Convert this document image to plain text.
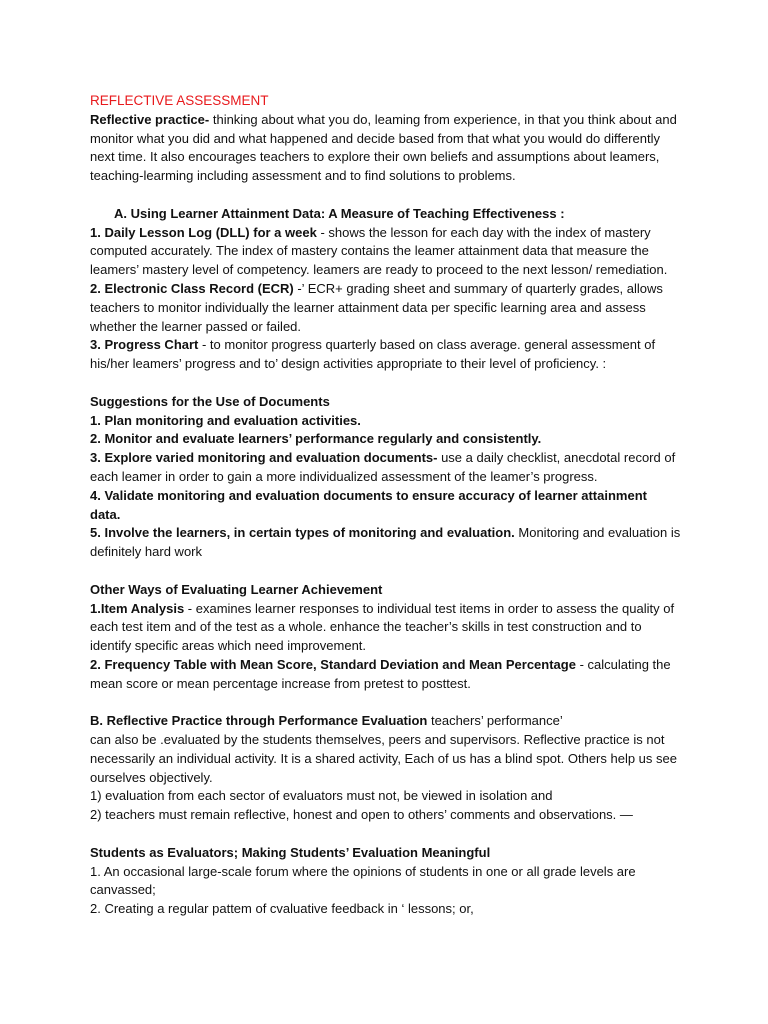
REFLECTIVE ASSESSMENT
Reflective practice- thinking about what you do, leaming from experience, in that you think about and
monitor what you did and what happened and decide based from that what you would do differently
next time. It also encourages teachers to explore their own beliefs and assumptions about leamers,
teaching-learming including assessment and to find solutions to problems.
A. Using Learner Attainment Data: A Measure of Teaching Effectiveness :
1. Daily Lesson Log (DLL) for a week - shows the lesson for each day with the index of mastery
computed accurately. The index of mastery contains the leamer attainment data that measure the
leamers’ mastery level of competency. leamers are ready to proceed to the next lesson/ remediation.
2. Electronic Class Record (ECR) -’ ECR+ grading sheet and summary of quarterly grades, allows
teachers to monitor individually the learner attainment data per specific learning area and assess
whether the learner passed or failed.
3. Progress Chart - to monitor progress quarterly based on class average. general assessment of
his/her leamers’ progress and to’ design activities appropriate to their level of proficiency. :
Suggestions for the Use of Documents
1. Plan monitoring and evaluation activities.
2. Monitor and evaluate learners’ performance regularly and consistently.
3. Explore varied monitoring and evaluation documents- use a daily checklist, anecdotal record of
each leamer in order to gain a more individualized assessment of the leamer’s progress.
4. Validate monitoring and evaluation documents to ensure accuracy of learner attainment
data.
5. Involve the learners, in certain types of monitoring and evaluation. Monitoring and evaluation is
definitely hard work
Other Ways of Evaluating Learner Achievement
1.Item Analysis - examines learner responses to individual test items in order to assess the quality of
each test item and of the test as a whole. enhance the teacher’s skills in test construction and to
identify specific areas which need improvement.
2. Frequency Table with Mean Score, Standard Deviation and Mean Percentage - calculating the
mean score or mean percentage increase from pretest to posttest.
B. Reflective Practice through Performance Evaluation teachers’ performance’
can also be .evaluated by the students themselves, peers and supervisors. Reflective practice is not
necessarily an individual activity. It is a shared activity, Each of us has a blind spot. Others help us see
ourselves objectively.
1) evaluation from each sector of evaluators must not, be viewed in isolation and
2) teachers must remain reflective, honest and open to others’ comments and observations. —
Students as Evaluators; Making Students’ Evaluation Meaningful
1. An occasional large-scale forum where the opinions of students in one or all grade levels are
canvassed;
2. Creating a regular pattem of cvaluative feedback in ‘ lessons; or,
